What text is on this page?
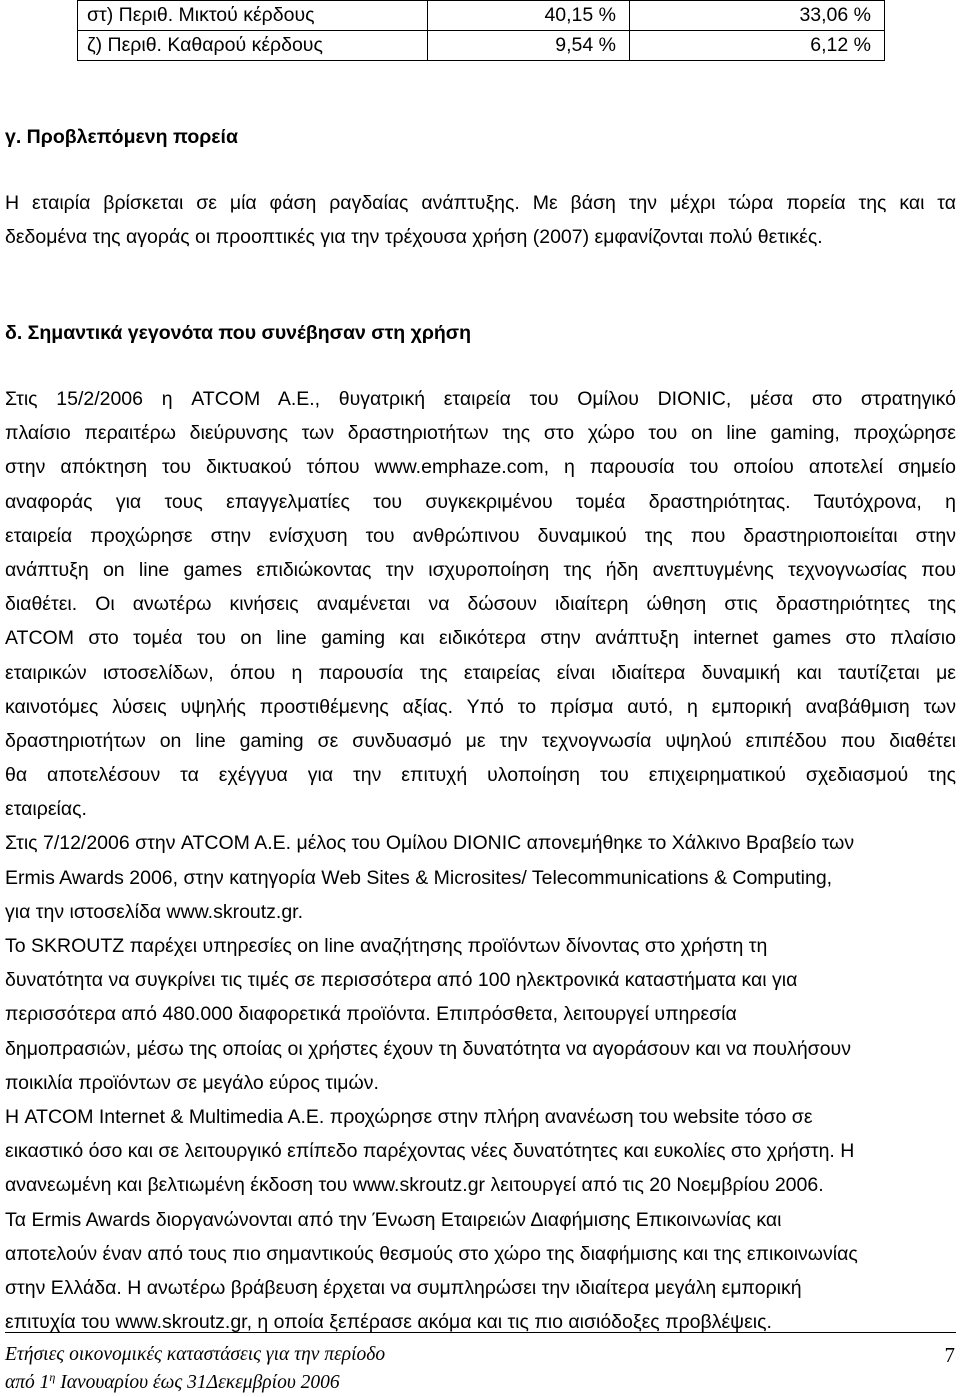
στ) Περιθ. Μικτού κέρδους	40,15 %	33,06 %
ζ) Περιθ. Καθαρού κέρδους	9,54 %	6,12 %
γ. Προβλεπόμενη πορεία
Η εταιρία βρίσκεται σε μία φάση ραγδαίας ανάπτυξης. Με βάση την μέχρι τώρα πορεία της και τα
δεδομένα της αγοράς οι προοπτικές για την τρέχουσα χρήση (2007) εμφανίζονται πολύ θετικές.
δ. Σημαντικά γεγονότα που συνέβησαν στη χρήση
Στις 15/2/2006 η ATCOM A.E., θυγατρική εταιρεία του Ομίλου DIONIC, μέσα στο στρατηγικό
πλαίσιο περαιτέρω διεύρυνσης των δραστηριοτήτων της στο χώρο του on line gaming, προχώρησε
στην απόκτηση του δικτυακού τόπου www.emphaze.com, η παρουσία του οποίου αποτελεί σημείο
αναφοράς για τους επαγγελματίες του συγκεκριμένου τομέα δραστηριότητας. Ταυτόχρονα, η
εταιρεία προχώρησε στην ενίσχυση του ανθρώπινου δυναμικού της που δραστηριοποιείται στην
ανάπτυξη on line games επιδιώκοντας την ισχυροποίηση της ήδη ανεπτυγμένης τεχνογνωσίας που
διαθέτει. Οι ανωτέρω κινήσεις αναμένεται να δώσουν ιδιαίτερη ώθηση στις δραστηριότητες της
ATCOM στο τομέα του on line gaming και ειδικότερα στην ανάπτυξη internet games στο πλαίσιο
εταιρικών ιστοσελίδων, όπου η παρουσία της εταιρείας είναι ιδιαίτερα δυναμική και ταυτίζεται με
καινοτόμες λύσεις υψηλής προστιθέμενης αξίας. Υπό το πρίσμα αυτό, η εμπορική αναβάθμιση των
δραστηριοτήτων on line gaming σε συνδυασμό με την τεχνογνωσία υψηλού επιπέδου που διαθέτει
θα αποτελέσουν τα εχέγγυα για την επιτυχή υλοποίηση του επιχειρηματικού σχεδιασμού της
εταιρείας.
Στις 7/12/2006 στην ATCOM A.E. μέλος του Ομίλου DIONIC απονεμήθηκε το Χάλκινο Βραβείο των
Ermis Awards 2006, στην κατηγορία Web Sites & Microsites/ Telecommunications & Computing,
για την ιστοσελίδα www.skroutz.gr.
Το SKROUTZ παρέχει υπηρεσίες on line αναζήτησης προϊόντων δίνοντας στο χρήστη τη
δυνατότητα να συγκρίνει τις τιμές σε περισσότερα από 100 ηλεκτρονικά καταστήματα και για
περισσότερα από 480.000 διαφορετικά προϊόντα. Επιπρόσθετα, λειτουργεί υπηρεσία
δημοπρασιών, μέσω της οποίας οι χρήστες έχουν τη δυνατότητα να αγοράσουν και να πουλήσουν
ποικιλία προϊόντων σε μεγάλο εύρος τιμών.
Η ATCOM Internet & Multimedia A.E. προχώρησε στην πλήρη ανανέωση του website τόσο σε
εικαστικό όσο και σε λειτουργικό επίπεδο παρέχοντας νέες δυνατότητες και ευκολίες στο χρήστη. Η
ανανεωμένη και βελτιωμένη έκδοση του www.skroutz.gr λειτουργεί από τις 20 Νοεμβρίου 2006.
Τα Ermis Awards διοργανώνονται από την Ένωση Εταιρειών Διαφήμισης Επικοινωνίας και
αποτελούν έναν από τους πιο σημαντικούς θεσμούς στο χώρο της διαφήμισης και της επικοινωνίας
στην Ελλάδα. Η ανωτέρω βράβευση έρχεται να συμπληρώσει την ιδιαίτερα μεγάλη εμπορική
επιτυχία του www.skroutz.gr, η οποία ξεπέρασε ακόμα και τις πιο αισιόδοξες προβλέψεις.
Ετήσιες οικονομικές καταστάσεις για την περίοδο
από $1^\eta$ Ιανουαρίου έως 31Δεκεμβρίου 2006
7
